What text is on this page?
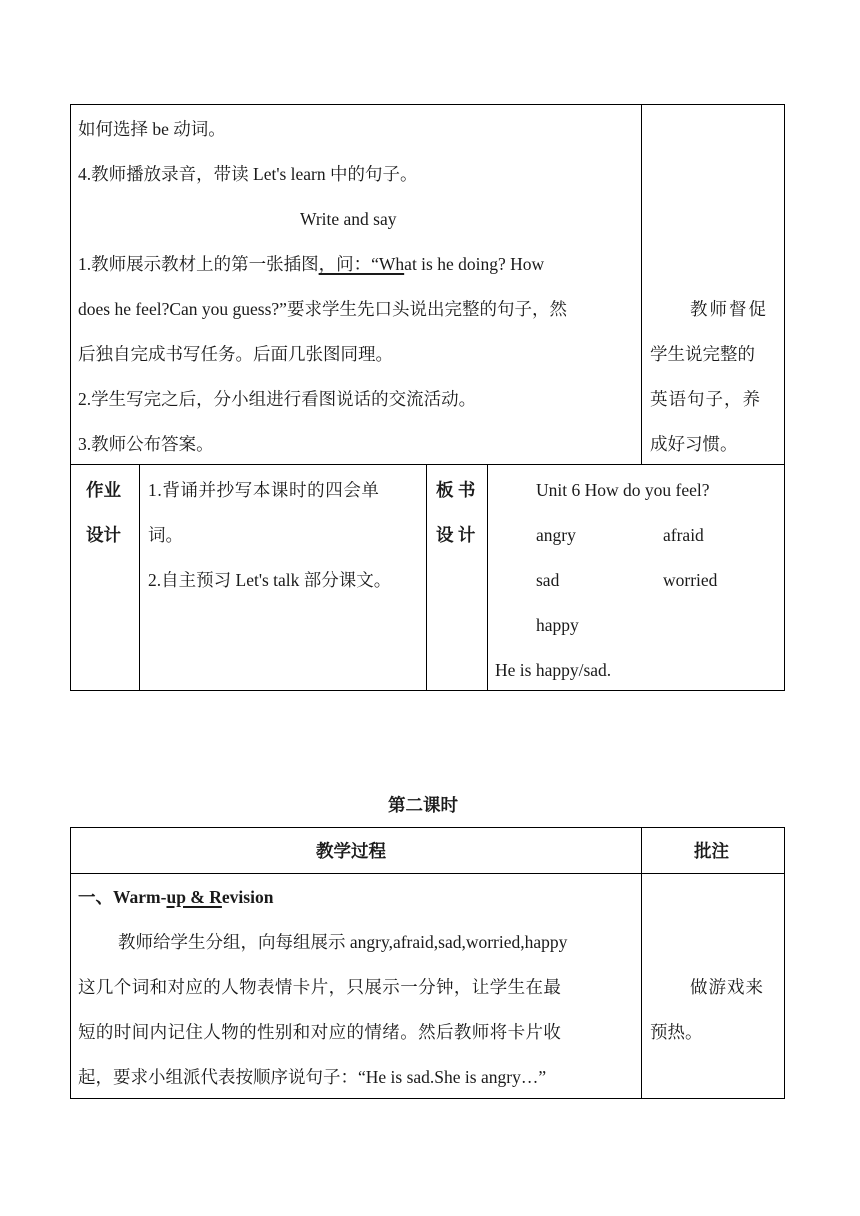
如何选择 be 动词。
4.教师播放录音，带读 Let's learn 中的句子。
Write and say
1.教师展示教材上的第一张插图，问：“What is he doing? How
does he feel?Can you guess?”要求学生先口头说出完整的句子，然
后独自完成书写任务。后面几张图同理。
2.学生写完之后，分小组进行看图说话的交流活动。
3.教师公布答案。
教师督促
学生说完整的
英语句子，养
成好习惯。
作业
设计
1.背诵并抄写本课时的四会单
词。
2.自主预习 Let's talk 部分课文。
板 书
设 计
Unit 6 How do you feel?
angry	afraid
sad	worried
happy
He is happy/sad.
第二课时
教学过程	批注
一、Warm-up & Revision
教师给学生分组，向每组展示 angry,afraid,sad,worried,happy
这几个词和对应的人物表情卡片，只展示一分钟，让学生在最
短的时间内记住人物的性别和对应的情绪。然后教师将卡片收
起，要求小组派代表按顺序说句子：“He is sad.She is angry…”
做游戏来
预热。
